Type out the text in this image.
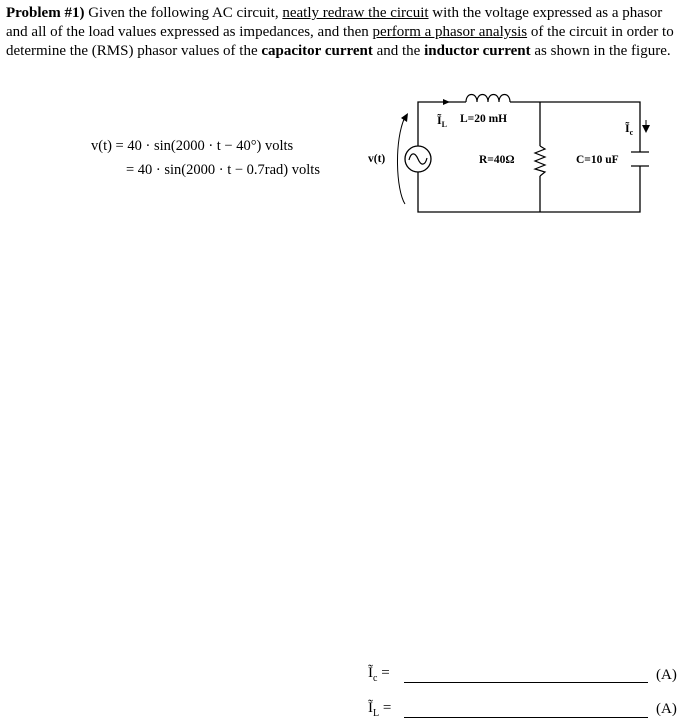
Problem #1) Given the following AC circuit, neatly redraw the circuit with the voltage expressed as a phasor and all of the load values expressed as impedances, and then perform a phasor analysis of the circuit in order to determine the (RMS) phasor values of the capacitor current and the inductor current as shown in the figure.
v(t) = 40 · sin(2000 · t − 40°) volts
= 40 · sin(2000 · t − 0.7rad) volts
v(t)
L=20 mH
$Ĩ_L$
R=40Ω	C=10 uF
$Ĩ_c$
$Ĩ_c$ =	(A)
$Ĩ_L$ =	(A)
